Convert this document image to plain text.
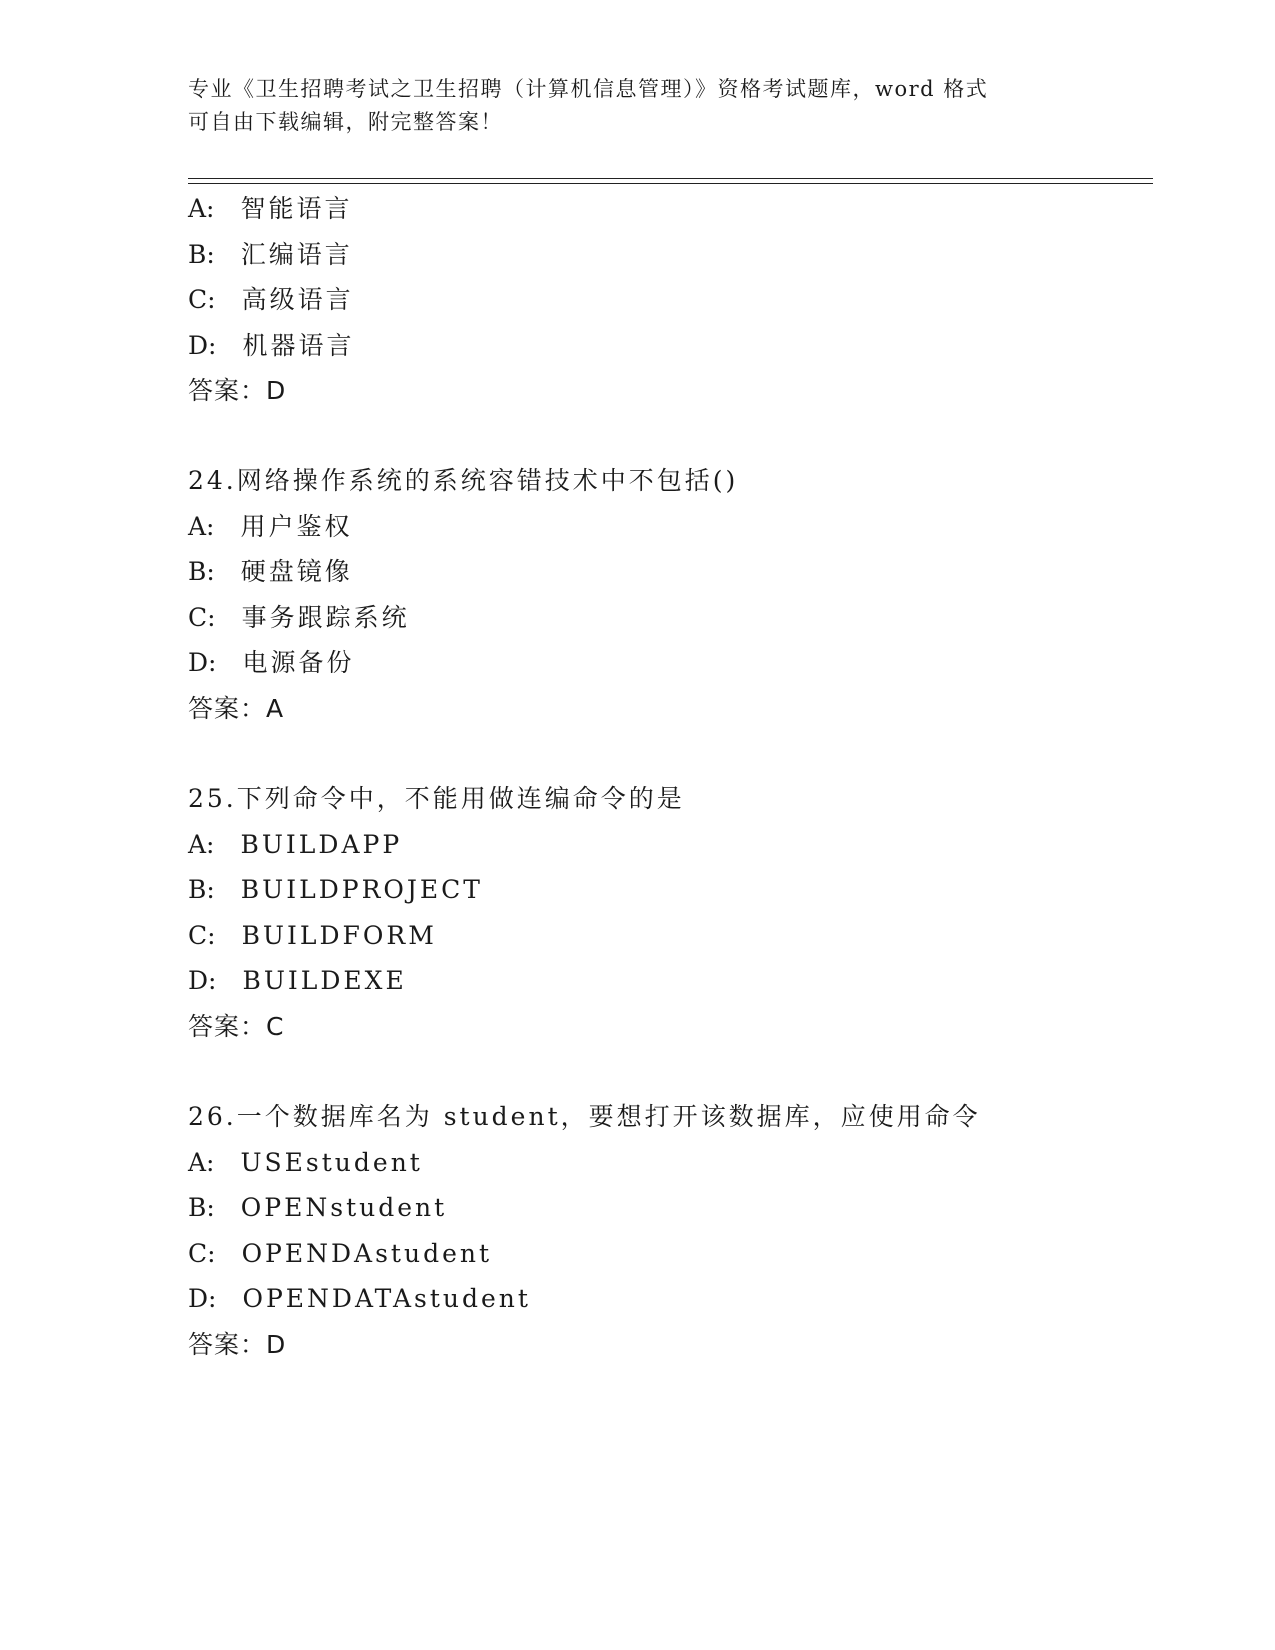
专业《卫生招聘考试之卫生招聘（计算机信息管理）》资格考试题库，word 格式
可自由下载编辑，附完整答案！
A: 智能语言
B: 汇编语言
C: 高级语言
D: 机器语言
答案：D
24.网络操作系统的系统容错技术中不包括()
A: 用户鉴权
B: 硬盘镜像
C: 事务跟踪系统
D: 电源备份
答案：A
25.下列命令中，不能用做连编命令的是
A: BUILDAPP
B: BUILDPROJECT
C: BUILDFORM
D: BUILDEXE
答案：C
26.一个数据库名为 student，要想打开该数据库，应使用命令
A: USEstudent
B: OPENstudent
C: OPENDAstudent
D: OPENDATAstudent
答案：D
